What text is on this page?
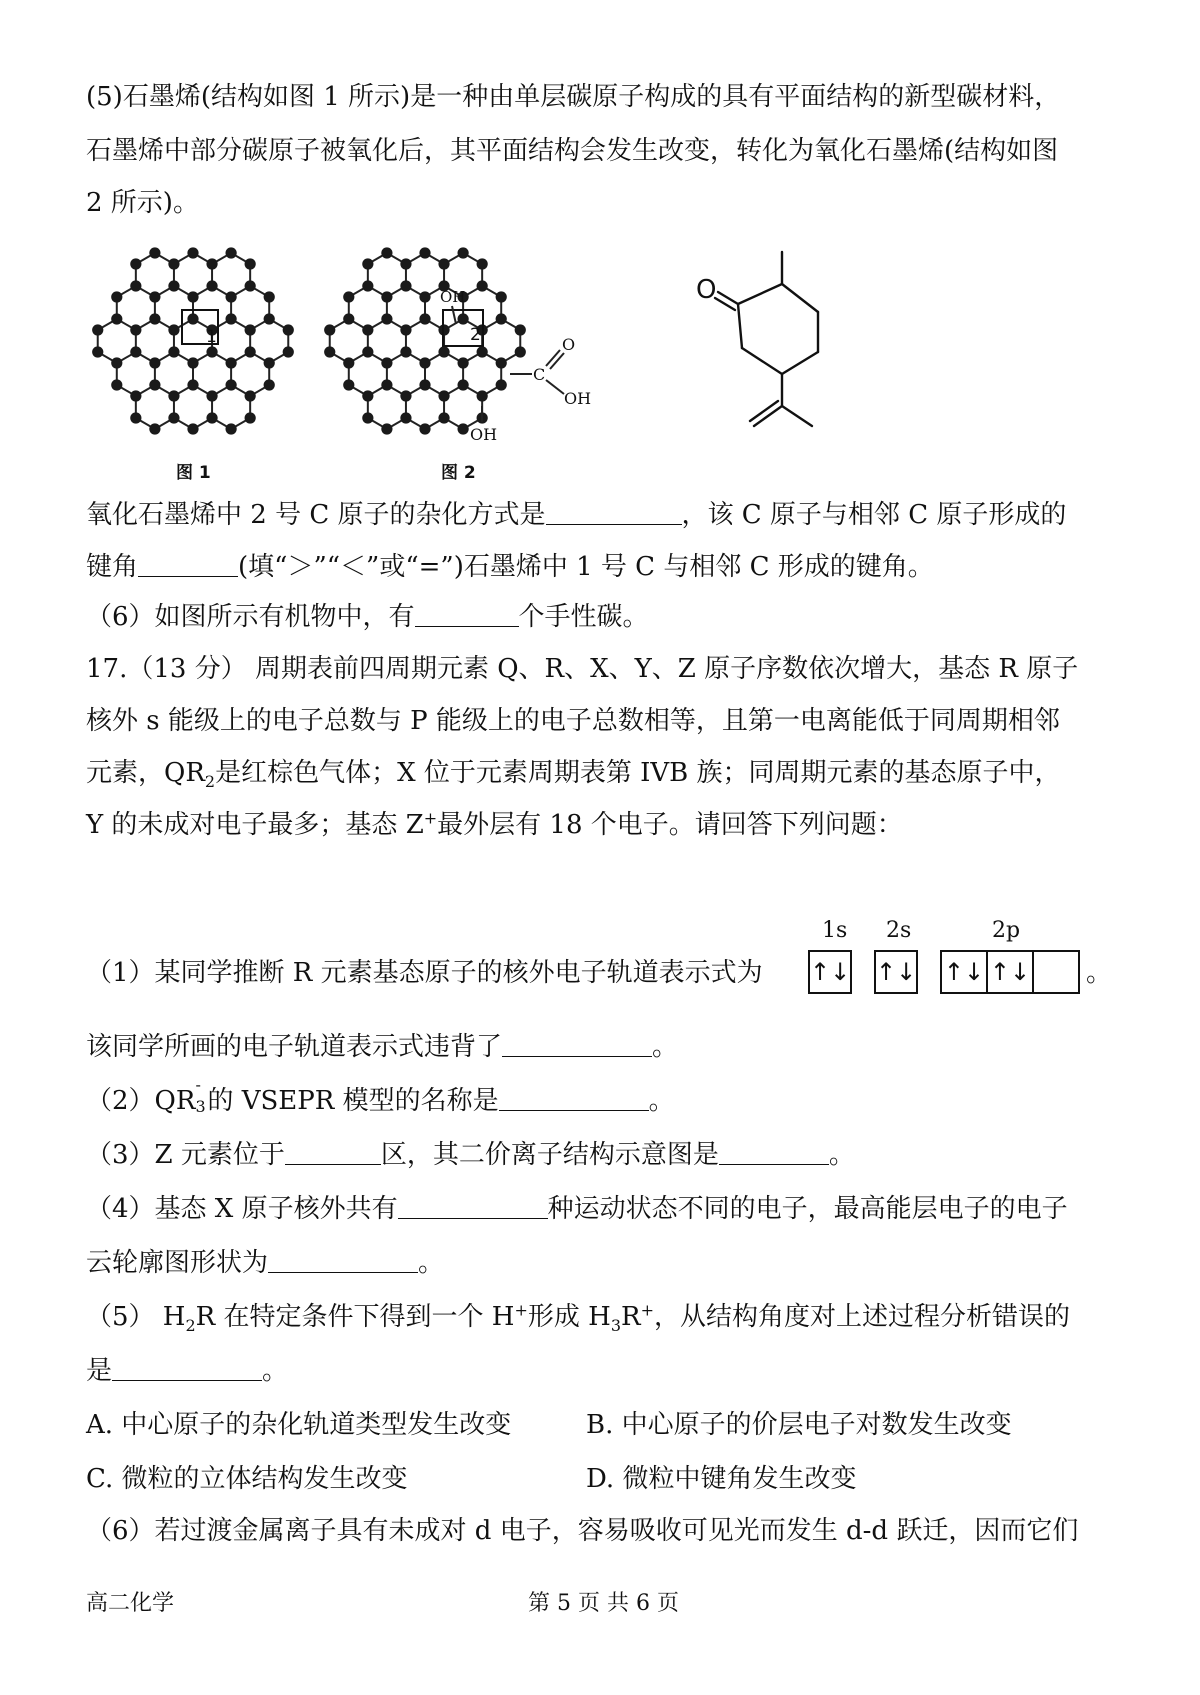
(5)石墨烯(结构如图 1 所示)是一种由单层碳原子构成的具有平面结构的新型碳材料，
石墨烯中部分碳原子被氧化后，其平面结构会发生改变，转化为氧化石墨烯(结构如图
2 所示)。
1
图 1
2
OH
C
O
OH
OH
图 2
O
氧化石墨烯中 2 号 C 原子的杂化方式是	，该 C 原子与相邻 C 原子形成的
键角	(填“＞”“＜”或“=”)石墨烯中 1 号 C 与相邻 C 形成的键角。
（6）如图所示有机物中，有	个手性碳。
17.（13 分） 周期表前四周期元素 Q、R、X、Y、Z 原子序数依次增大，基态 R 原子
核外 s 能级上的电子总数与 P 能级上的电子总数相等，且第一电离能低于同周期相邻
元素，$QR_2$是红棕色气体；X 位于元素周期表第 IVB 族；同周期元素的基态原子中，
Y 的未成对电子最多；基态 Z+最外层有 18 个电子。请回答下列问题：
（1）某同学推断 R 元素基态原子的核外电子轨道表示式为
1s 2s	2p
↑↓ ↑↓ ↑↓ ↑↓ 。
该同学所画的电子轨道表示式违背了	。
（2）QR
-
3 的 VSEPR 模型的名称是	。
（3）Z 元素位于	区，其二价离子结构示意图是	。
（4）基态 X 原子核外共有	种运动状态不同的电子，最高能层电子的电子
云轮廓图形状为	。
（5） $H_2R$ 在特定条件下得到一个 H+形成 $H_3R^+$，从结构角度对上述过程分析错误的
是	。
A. 中心原子的杂化轨道类型发生改变	B. 中心原子的价层电子对数发生改变
C. 微粒的立体结构发生改变	D. 微粒中键角发生改变
（6）若过渡金属离子具有未成对 d 电子，容易吸收可见光而发生 d-d 跃迁，因而它们
高二化学	第 5 页 共 6 页
